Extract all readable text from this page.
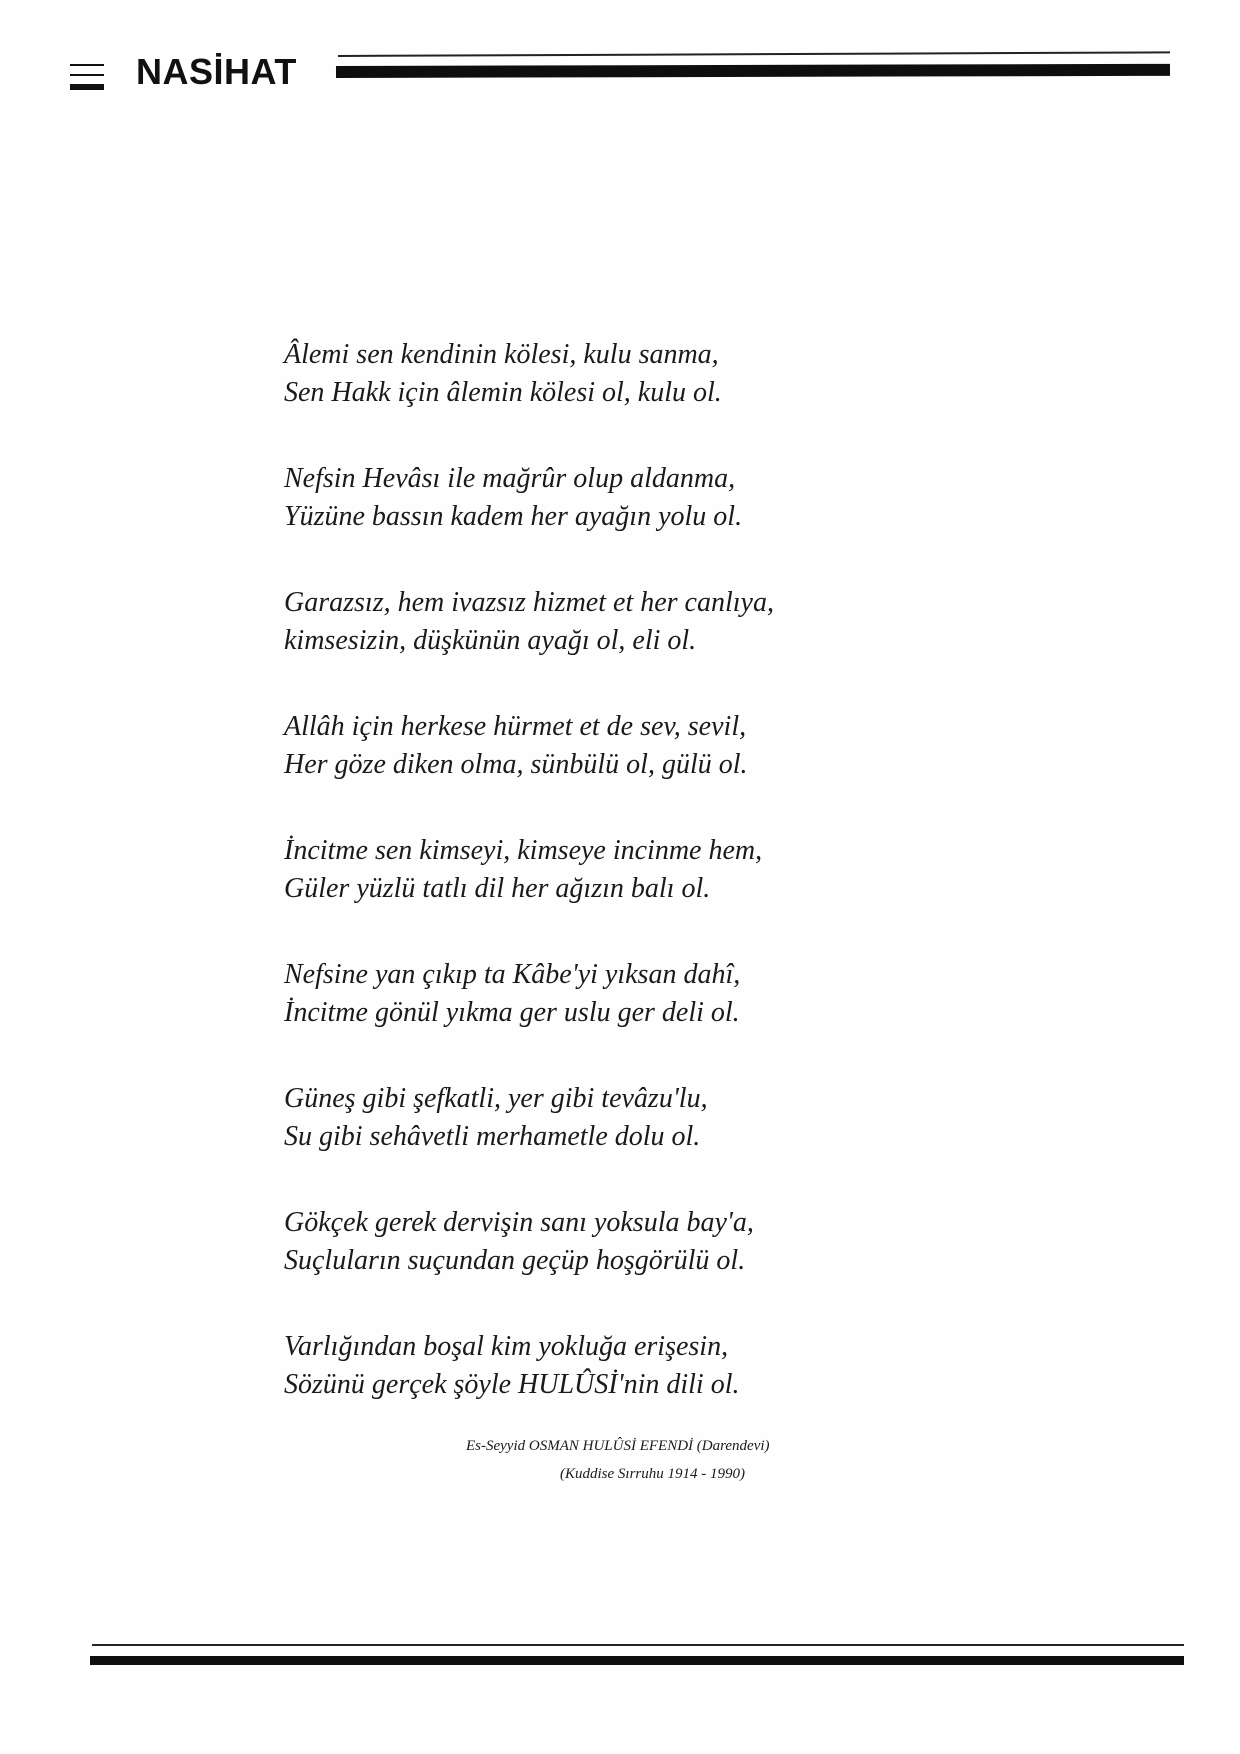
NASİHAT
Âlemi sen kendinin kölesi, kulu sanma,
Sen Hakk için âlemin kölesi ol, kulu ol.
Nefsin Hevâsı ile mağrûr olup aldanma,
Yüzüne bassın kadem her ayağın yolu ol.
Garazsız, hem ivazsız hizmet et her canlıya,
kimsesizin, düşkünün ayağı ol, eli ol.
Allâh için herkese hürmet et de sev, sevil,
Her göze diken olma, sünbülü ol, gülü ol.
İncitme sen kimseyi, kimseye incinme hem,
Güler yüzlü tatlı dil her ağızın balı ol.
Nefsine yan çıkıp ta Kâbe'yi yıksan dahî,
İncitme gönül yıkma ger uslu ger deli ol.
Güneş gibi şefkatli, yer gibi tevâzu'lu,
Su gibi sehâvetli merhametle dolu ol.
Gökçek gerek dervişin sanı yoksula bay'a,
Suçluların suçundan geçüp hoşgörülü ol.
Varlığından boşal kim yokluğa erişesin,
Sözünü gerçek şöyle HULÛSİ'nin dili ol.
Es-Seyyid OSMAN HULÛSİ EFENDİ (Darendevi)
(Kuddise Sırruhu 1914 - 1990)
